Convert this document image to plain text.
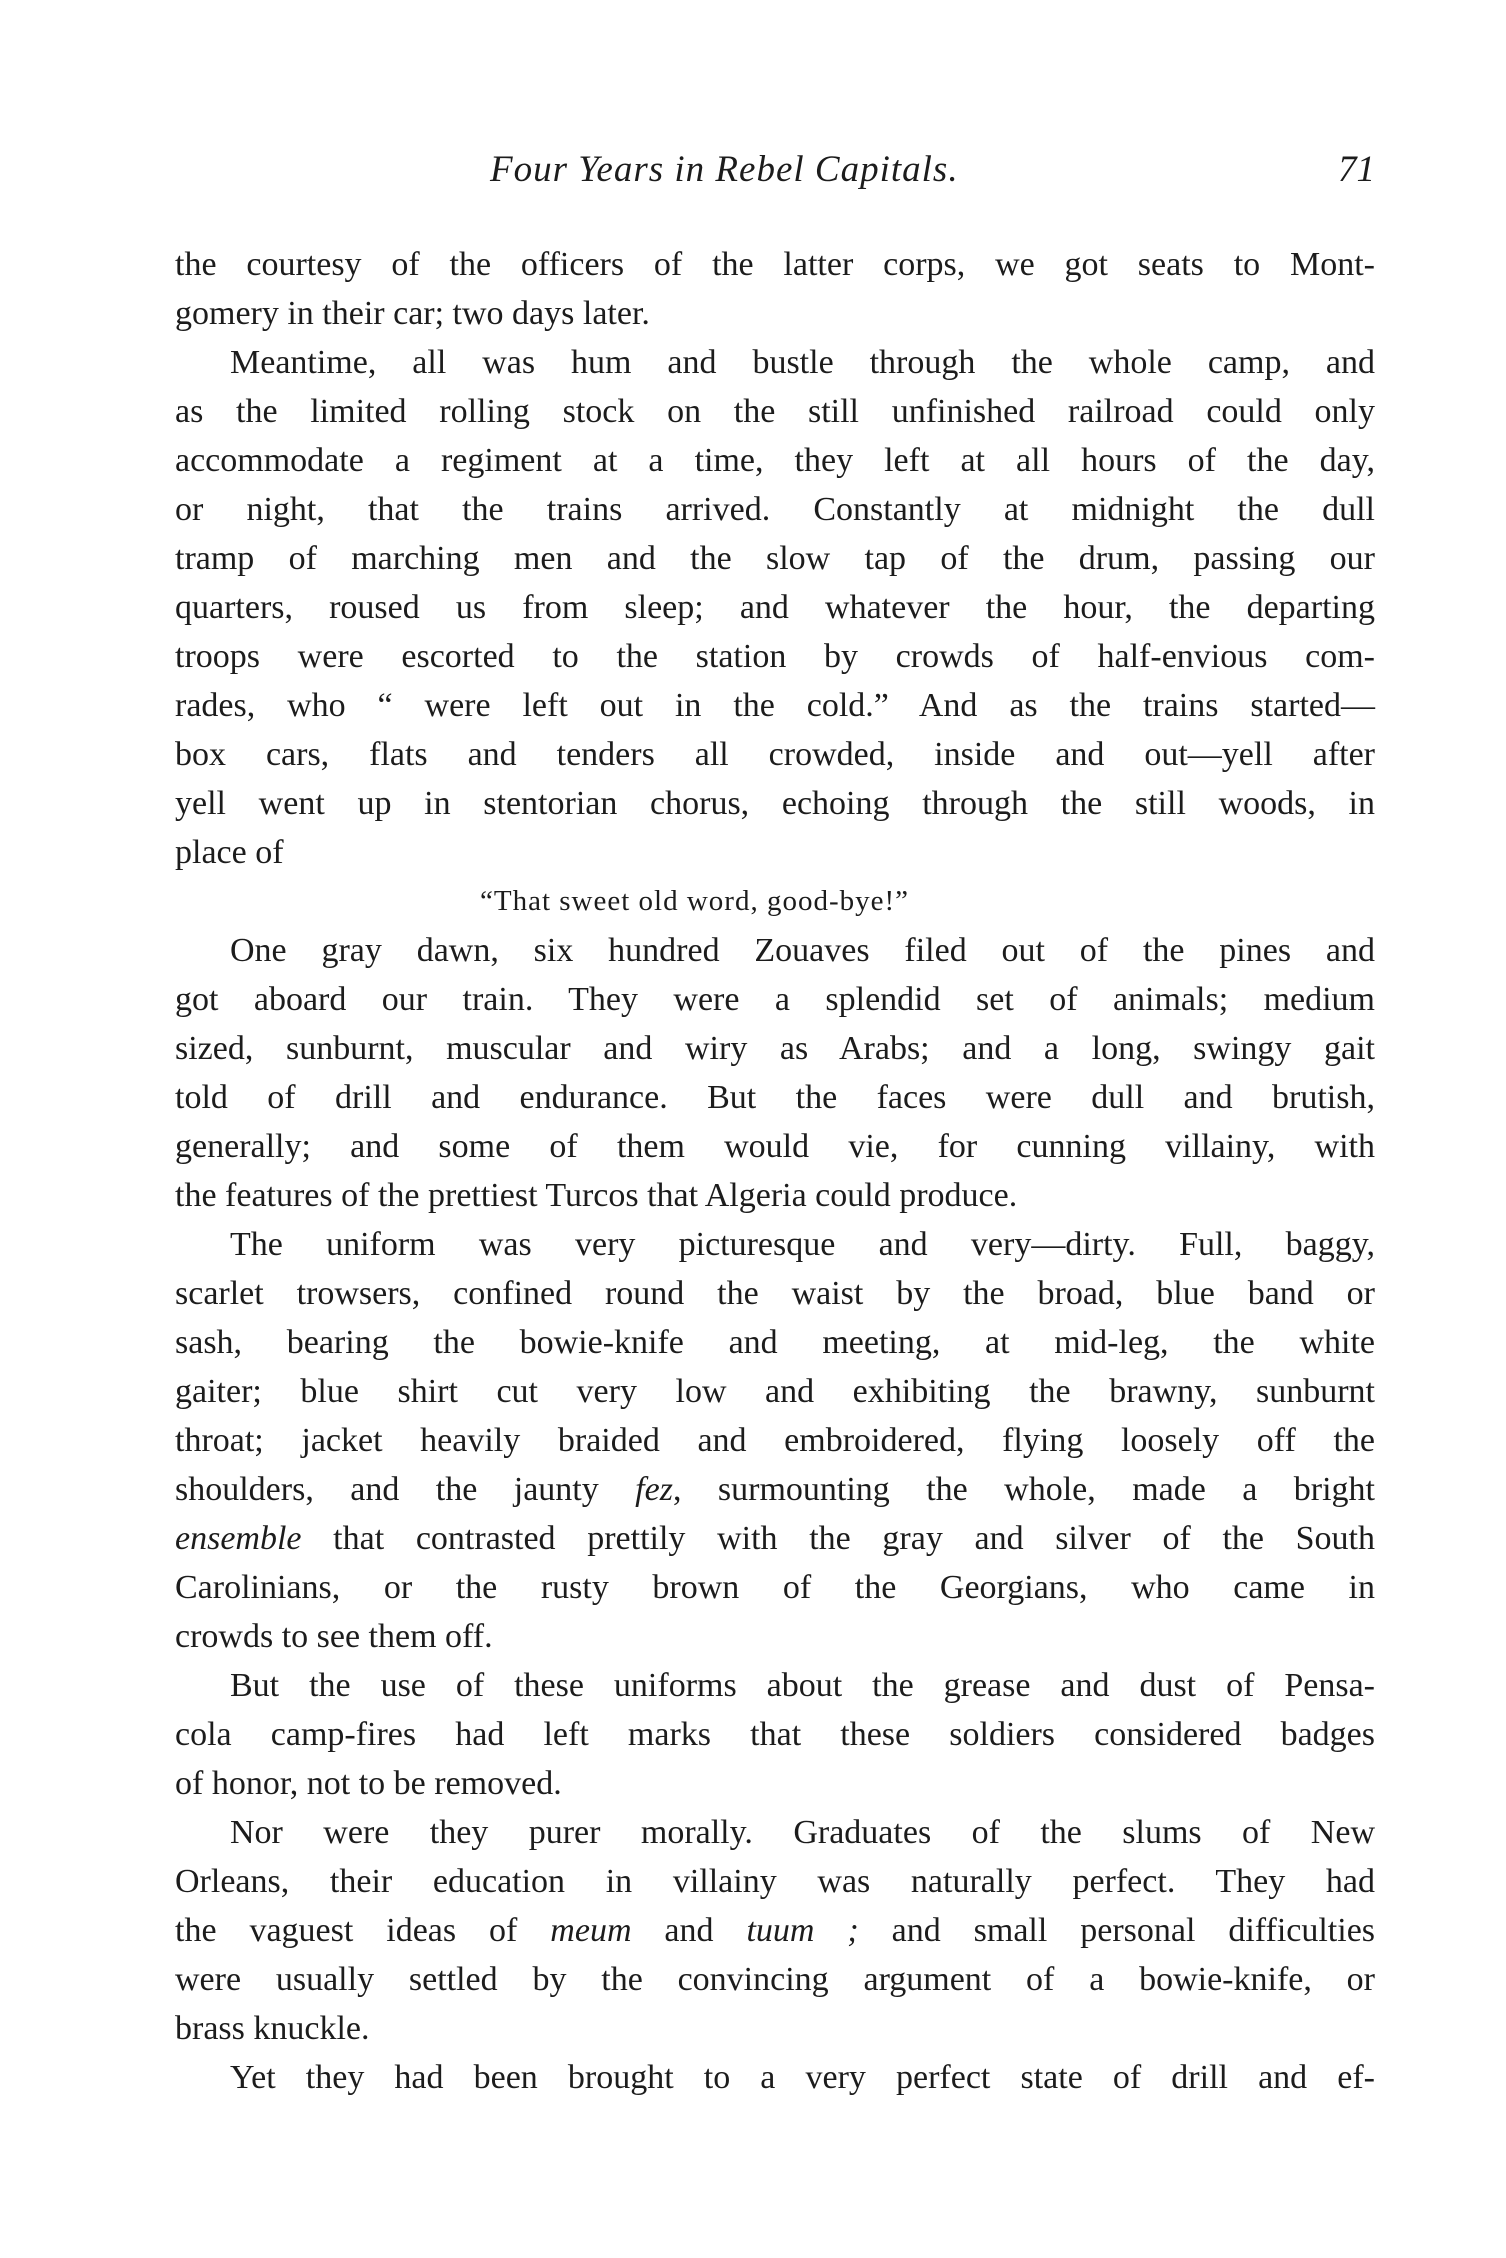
Four Years in Rebel Capitals.	71
the courtesy of the officers of the latter corps, we got seats to Mont-
gomery in their car; two days later.
Meantime, all was hum and bustle through the whole camp, and
as the limited rolling stock on the still unfinished railroad could only
accommodate a regiment at a time, they left at all hours of the day,
or night, that the trains arrived. Constantly at midnight the dull
tramp of marching men and the slow tap of the drum, passing our
quarters, roused us from sleep; and whatever the hour, the departing
troops were escorted to the station by crowds of half-envious com-
rades, who “ were left out in the cold.” And as the trains started—
box cars, flats and tenders all crowded, inside and out—yell after
yell went up in stentorian chorus, echoing through the still woods, in
place of
“That sweet old word, good-bye!”
One gray dawn, six hundred Zouaves filed out of the pines and
got aboard our train. They were a splendid set of animals; medium
sized, sunburnt, muscular and wiry as Arabs; and a long, swingy gait
told of drill and endurance. But the faces were dull and brutish,
generally; and some of them would vie, for cunning villainy, with
the features of the prettiest Turcos that Algeria could produce.
The uniform was very picturesque and very—dirty. Full, baggy,
scarlet trowsers, confined round the waist by the broad, blue band or
sash, bearing the bowie-knife and meeting, at mid-leg, the white
gaiter; blue shirt cut very low and exhibiting the brawny, sunburnt
throat; jacket heavily braided and embroidered, flying loosely off the
shoulders, and the jaunty fez, surmounting the whole, made a bright
ensemble that contrasted prettily with the gray and silver of the South
Carolinians, or the rusty brown of the Georgians, who came in
crowds to see them off.
But the use of these uniforms about the grease and dust of Pensa-
cola camp-fires had left marks that these soldiers considered badges
of honor, not to be removed.
Nor were they purer morally. Graduates of the slums of New
Orleans, their education in villainy was naturally perfect. They had
the vaguest ideas of meum and tuum ; and small personal difficulties
were usually settled by the convincing argument of a bowie-knife, or
brass knuckle.
Yet they had been brought to a very perfect state of drill and ef-
